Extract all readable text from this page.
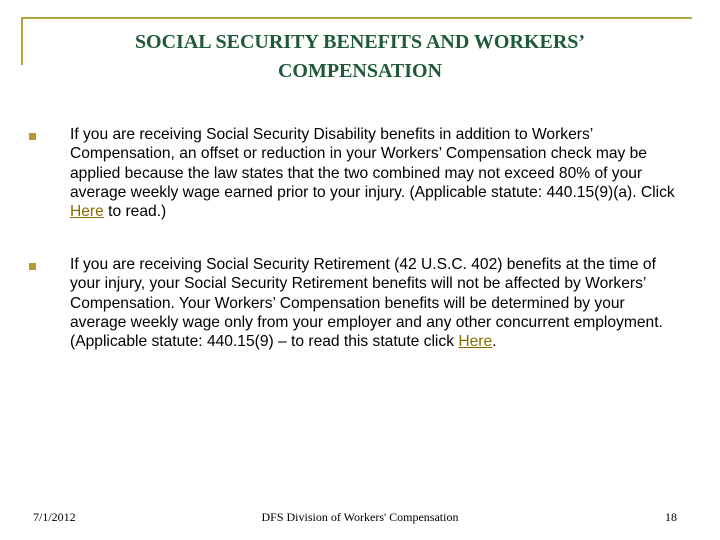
SOCIAL SECURITY BENEFITS AND WORKERS’
COMPENSATION
If you are receiving Social Security Disability benefits in addition to Workers’ Compensation, an offset or reduction in your Workers’ Compensation check may be applied because the law states that the two combined may not exceed 80% of your average weekly wage earned prior to your injury. (Applicable statute: 440.15(9)(a). Click Here to read.)
If you are receiving Social Security Retirement (42 U.S.C. 402) benefits at the time of your injury, your Social Security Retirement benefits will not be affected by Workers’ Compensation. Your Workers’ Compensation benefits will be determined by your average weekly wage only from your employer and any other concurrent employment. (Applicable statute: 440.15(9) – to read this statute click Here.
7/1/2012	DFS Division of Workers' Compensation	18
